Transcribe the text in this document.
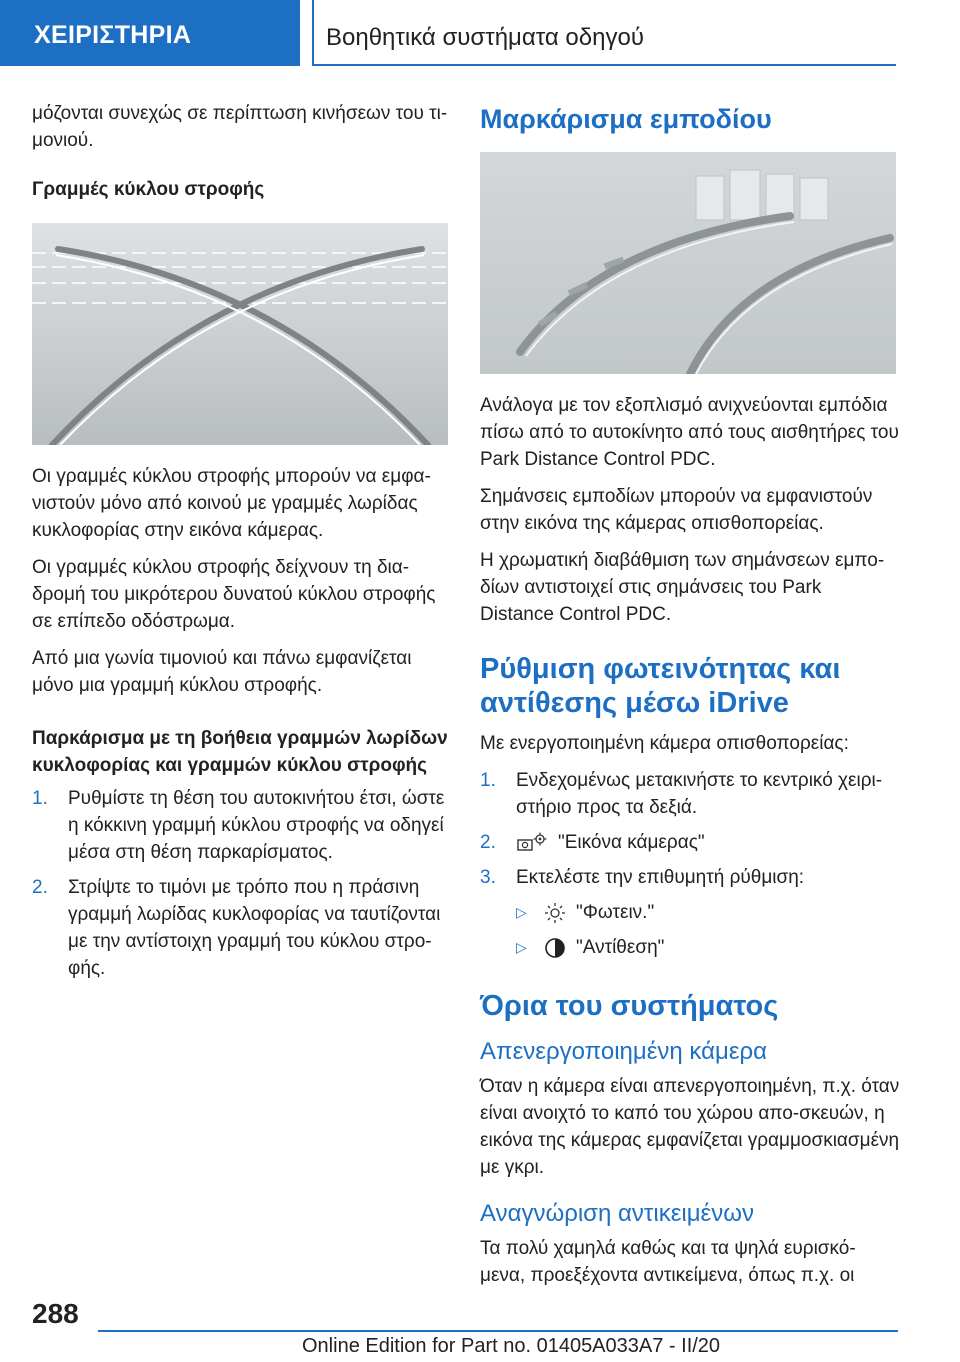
ΧΕΙΡΙΣΤΗΡΙΑ	Βοηθητικά συστήματα οδηγού

μόζονται συνεχώς σε περίπτωση κινήσεων του τι-μονιού.

Γραμμές κύκλου στροφής

Οι γραμμές κύκλου στροφής μπορούν να εμφα-νιστούν μόνο από κοινού με γραμμές λωρίδας κυκλοφορίας στην εικόνα κάμερας.

Οι γραμμές κύκλου στροφής δείχνουν τη δια-δρομή του μικρότερου δυνατού κύκλου στροφής σε επίπεδο οδόστρωμα.

Από μια γωνία τιμονιού και πάνω εμφανίζεται μόνο μια γραμμή κύκλου στροφής.

Παρκάρισμα με τη βοήθεια γραμμών λωρίδων κυκλοφορίας και γραμμών κύκλου στροφής
1. Ρυθμίστε τη θέση του αυτοκινήτου έτσι, ώστε η κόκκινη γραμμή κύκλου στροφής να οδηγεί μέσα στη θέση παρκαρίσματος.
2. Στρίψτε το τιμόνι με τρόπο που η πράσινη γραμμή λωρίδας κυκλοφορίας να ταυτίζονται με την αντίστοιχη γραμμή του κύκλου στρο-φής.
Μαρκάρισμα εμποδίου

Ανάλογα με τον εξοπλισμό ανιχνεύονται εμπόδια πίσω από το αυτοκίνητο από τους αισθητήρες του Park Distance Control PDC.

Σημάνσεις εμποδίων μπορούν να εμφανιστούν στην εικόνα της κάμερας οπισθοπορείας.

Η χρωματική διαβάθμιση των σημάνσεων εμπο-δίων αντιστοιχεί στις σημάνσεις του Park Distance Control PDC.

Ρύθμιση φωτεινότητας και αντίθεσης μέσω iDrive

Με ενεργοποιημένη κάμερα οπισθοπορείας:

1. Ενδεχομένως μετακινήστε το κεντρικό χειρι-στήριο προς τα δεξιά.
2.	"Εικόνα κάμερας"
3. Εκτελέστε την επιθυμητή ρύθμιση:
▷	"Φωτειν."
▷	"Αντίθεση"
Όρια του συστήματος
Απενεργοποιημένη κάμερα

Όταν η κάμερα είναι απενεργοποιημένη, π.χ. όταν είναι ανοιχτό το καπό του χώρου απο-σκευών, η εικόνα της κάμερας εμφανίζεται γραμμοσκιασμένη με γκρι.

Αναγνώριση αντικειμένων

Τα πολύ χαμηλά καθώς και τα ψηλά ευρισκό-μενα, προεξέχοντα αντικείμενα, όπως π.χ. οι

288
Online Edition for Part no. 01405A033A7 - II/20
